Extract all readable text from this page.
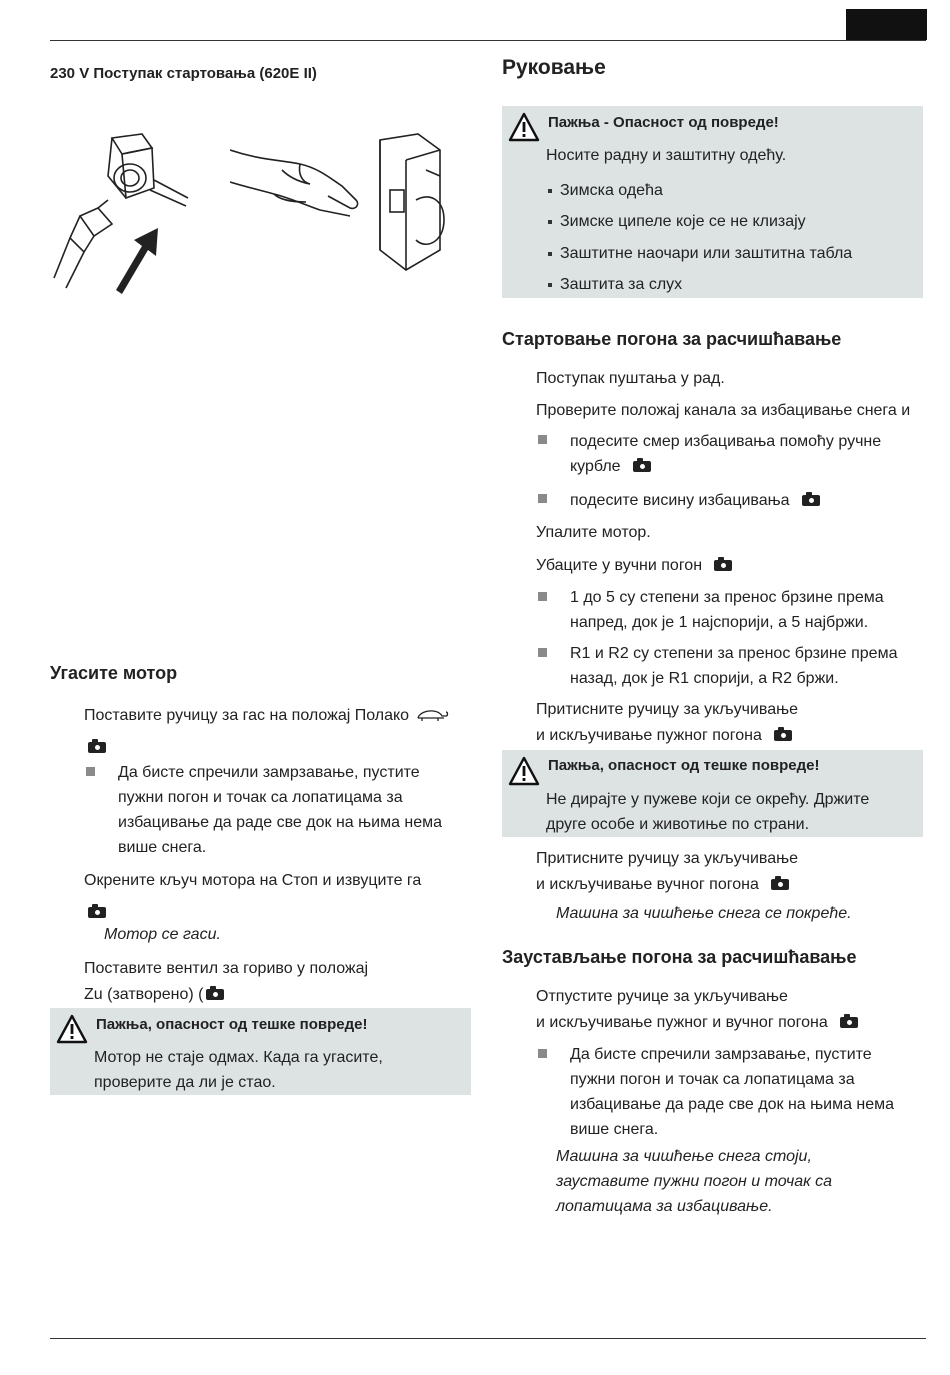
230 V Поступак стартовања (620E II)
Угасите мотор

Поставите ручицу за гас на положај Полако

Да бисте спречили замрзавање, пустите
пужни погон и точак са лопатицама за
избацивање да раде све док на њима нема
више снега.

Окрените кључ мотора на Стоп и извуците га

Мотор се гаси.

Поставите вентил за гориво у положај

Zu (затворено) (

Пажња, опасност од тешке повреде!
Мотор не стаје одмах. Када га угасите,
проверите да ли је стао.
Руковање
Пажња - Опасност од повреде!
Носите радну и заштитну одећу.
Зимска одећа
Зимске ципеле које се не клизају
Заштитне наочари или заштитна табла
Заштита за слух
Стартовање погона за расчишћавање

Поступак пуштања у рад.

Проверите положај канала за избацивање снега и

подесите смер избацивања помоћу ручне
курбле
подесите висину избацивања

Упалите мотор.

Убаците у вучни погон

1 до 5 су степени за пренос брзине према
напред, док је 1 најспорији, а 5 најбржи.
R1 и R2 су степени за пренос брзине према
назад, док је R1 спорији, а R2 бржи.

Притисните ручицу за укључивање

и искључивање пужног погона

Пажња, опасност од тешке повреде!
Не дирајте у пужеве који се окрећу. Држите
друге особе и животиње по страни.

Притисните ручицу за укључивање

и искључивање вучног погона

Машина за чишћење снега се покреће.

Заустављање погона за расчишћавање

Отпустите ручице за укључивање

и искључивање пужног и вучног погона

Да бисте спречили замрзавање, пустите
пужни погон и точак са лопатицама за
избацивање да раде све док на њима нема
више снега.
Машина за чишћење снега стоји,
зауставите пужни погон и точак са
лопатицама за избацивање.
